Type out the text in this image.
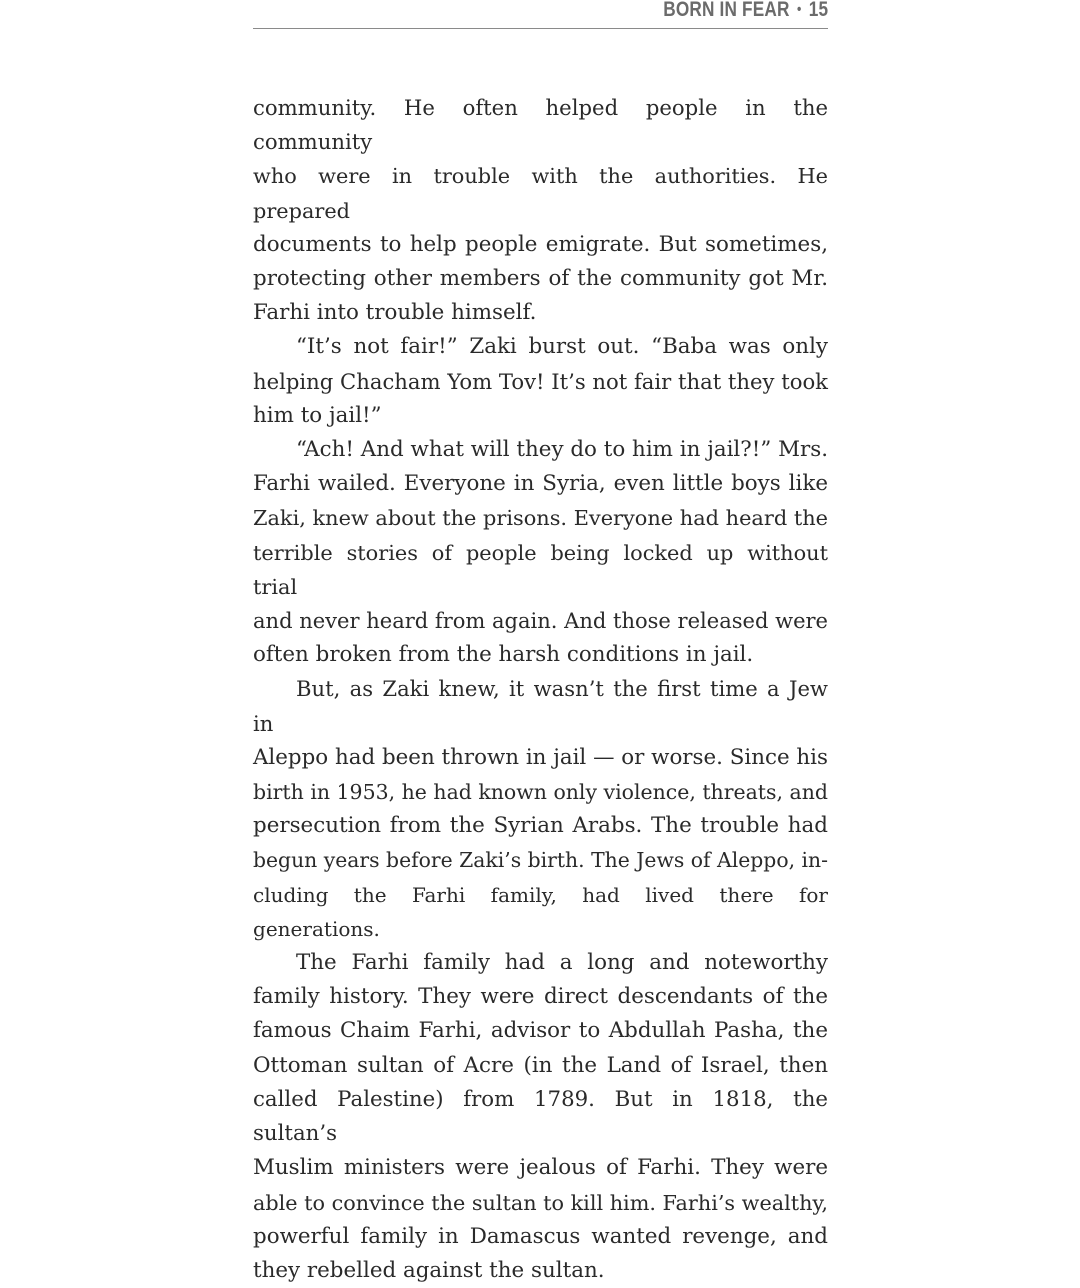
BORN IN FEAR • 15

community. He often helped people in the community
who were in trouble with the authorities. He prepared
documents to help people emigrate. But sometimes,
protecting other members of the community got Mr.
Farhi into trouble himself.

“It’s not fair!” Zaki burst out. “Baba was only
helping Chacham Yom Tov! It’s not fair that they took
him to jail!”

“Ach! And what will they do to him in jail?!” Mrs.
Farhi wailed. Everyone in Syria, even little boys like
Zaki, knew about the prisons. Everyone had heard the
terrible stories of people being locked up without trial
and never heard from again. And those released were
often broken from the harsh conditions in jail.

But, as Zaki knew, it wasn’t the first time a Jew in
Aleppo had been thrown in jail — or worse. Since his
birth in 1953, he had known only violence, threats, and
persecution from the Syrian Arabs. The trouble had
begun years before Zaki’s birth. The Jews of Aleppo, in-
cluding the Farhi family, had lived there for generations.

The Farhi family had a long and noteworthy
family history. They were direct descendants of the
famous Chaim Farhi, advisor to Abdullah Pasha, the
Ottoman sultan of Acre (in the Land of Israel, then
called Palestine) from 1789. But in 1818, the sultan’s
Muslim ministers were jealous of Farhi. They were
able to convince the sultan to kill him. Farhi’s wealthy,
powerful family in Damascus wanted revenge, and
they rebelled against the sultan.
